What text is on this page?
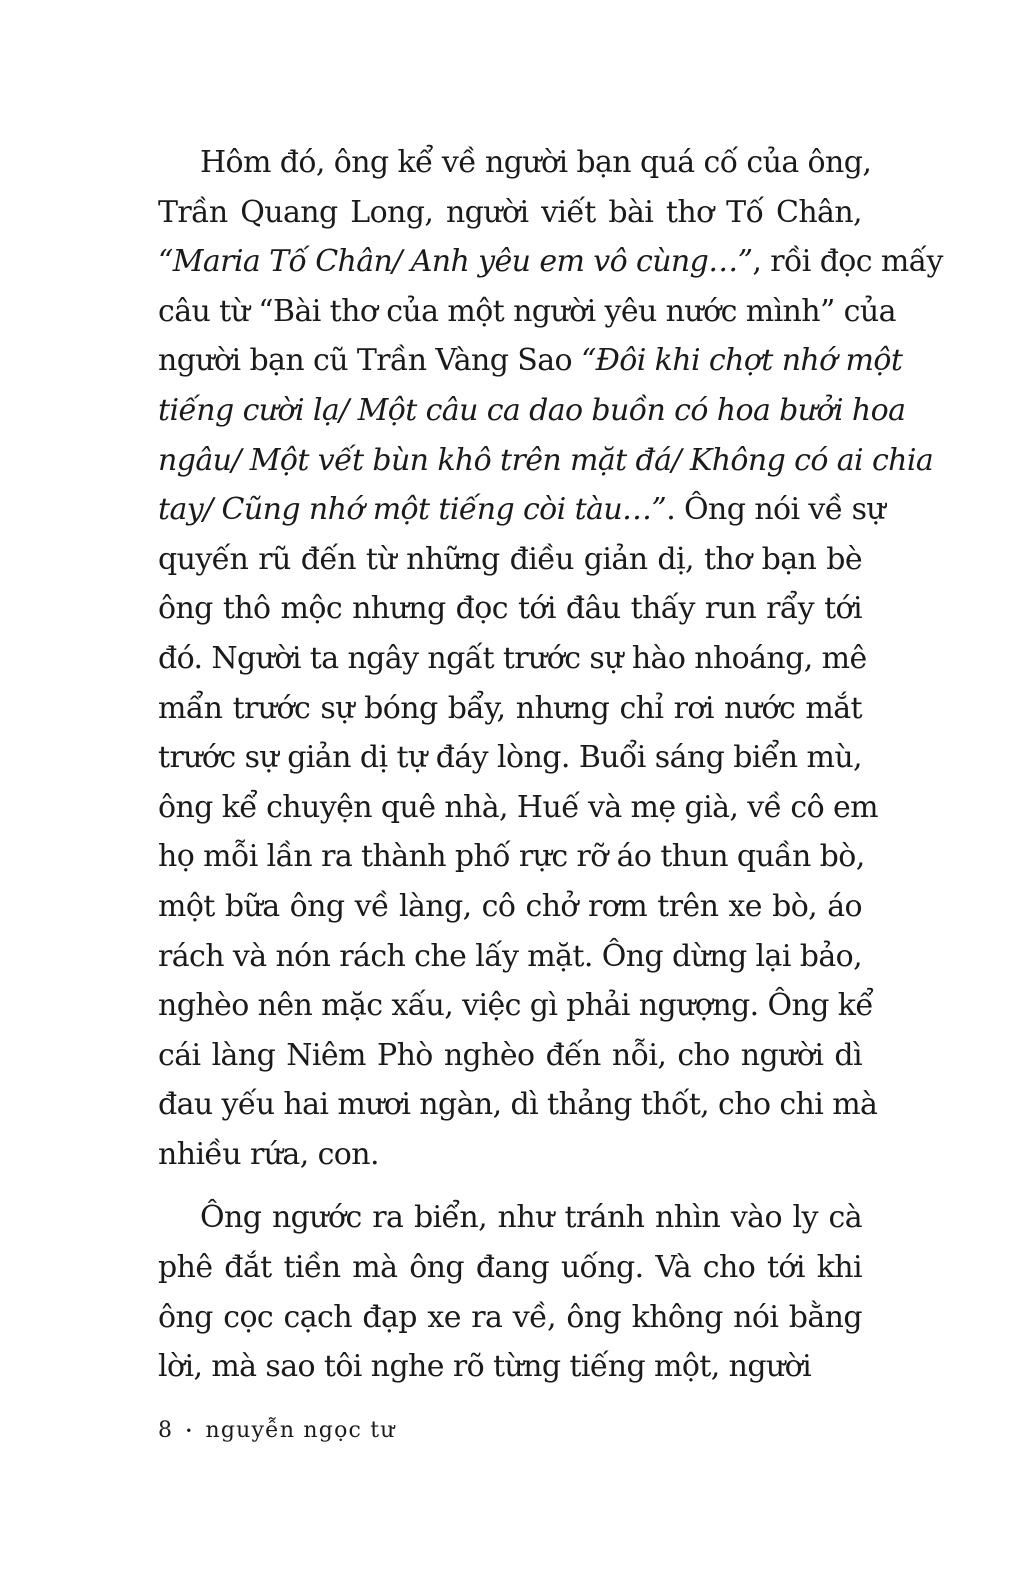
Hôm đó, ông kể về người bạn quá cố của ông,
Trần Quang Long, người viết bài thơ Tố Chân,
“Maria Tố Chân/ Anh yêu em vô cùng…”, rồi đọc mấy
câu từ “Bài thơ của một người yêu nước mình” của
người bạn cũ Trần Vàng Sao “Đôi khi chợt nhớ một
tiếng cười lạ/ Một câu ca dao buồn có hoa bưởi hoa
ngâu/ Một vết bùn khô trên mặt đá/ Không có ai chia
tay/ Cũng nhớ một tiếng còi tàu…”. Ông nói về sự
quyến rũ đến từ những điều giản dị, thơ bạn bè
ông thô mộc nhưng đọc tới đâu thấy run rẩy tới
đó. Người ta ngây ngất trước sự hào nhoáng, mê
mẩn trước sự bóng bẩy, nhưng chỉ rơi nước mắt
trước sự giản dị tự đáy lòng. Buổi sáng biển mù,
ông kể chuyện quê nhà, Huế và mẹ già, về cô em
họ mỗi lần ra thành phố rực rỡ áo thun quần bò,
một bữa ông về làng, cô chở rơm trên xe bò, áo
rách và nón rách che lấy mặt. Ông dừng lại bảo,
nghèo nên mặc xấu, việc gì phải ngượng. Ông kể
cái làng Niêm Phò nghèo đến nỗi, cho người dì
đau yếu hai mươi ngàn, dì thảng thốt, cho chi mà
nhiều rứa, con.
Ông ngước ra biển, như tránh nhìn vào ly cà
phê đắt tiền mà ông đang uống. Và cho tới khi
ông cọc cạch đạp xe ra về, ông không nói bằng
lời, mà sao tôi nghe rõ từng tiếng một, người
8 • nguyễn ngọc tư
